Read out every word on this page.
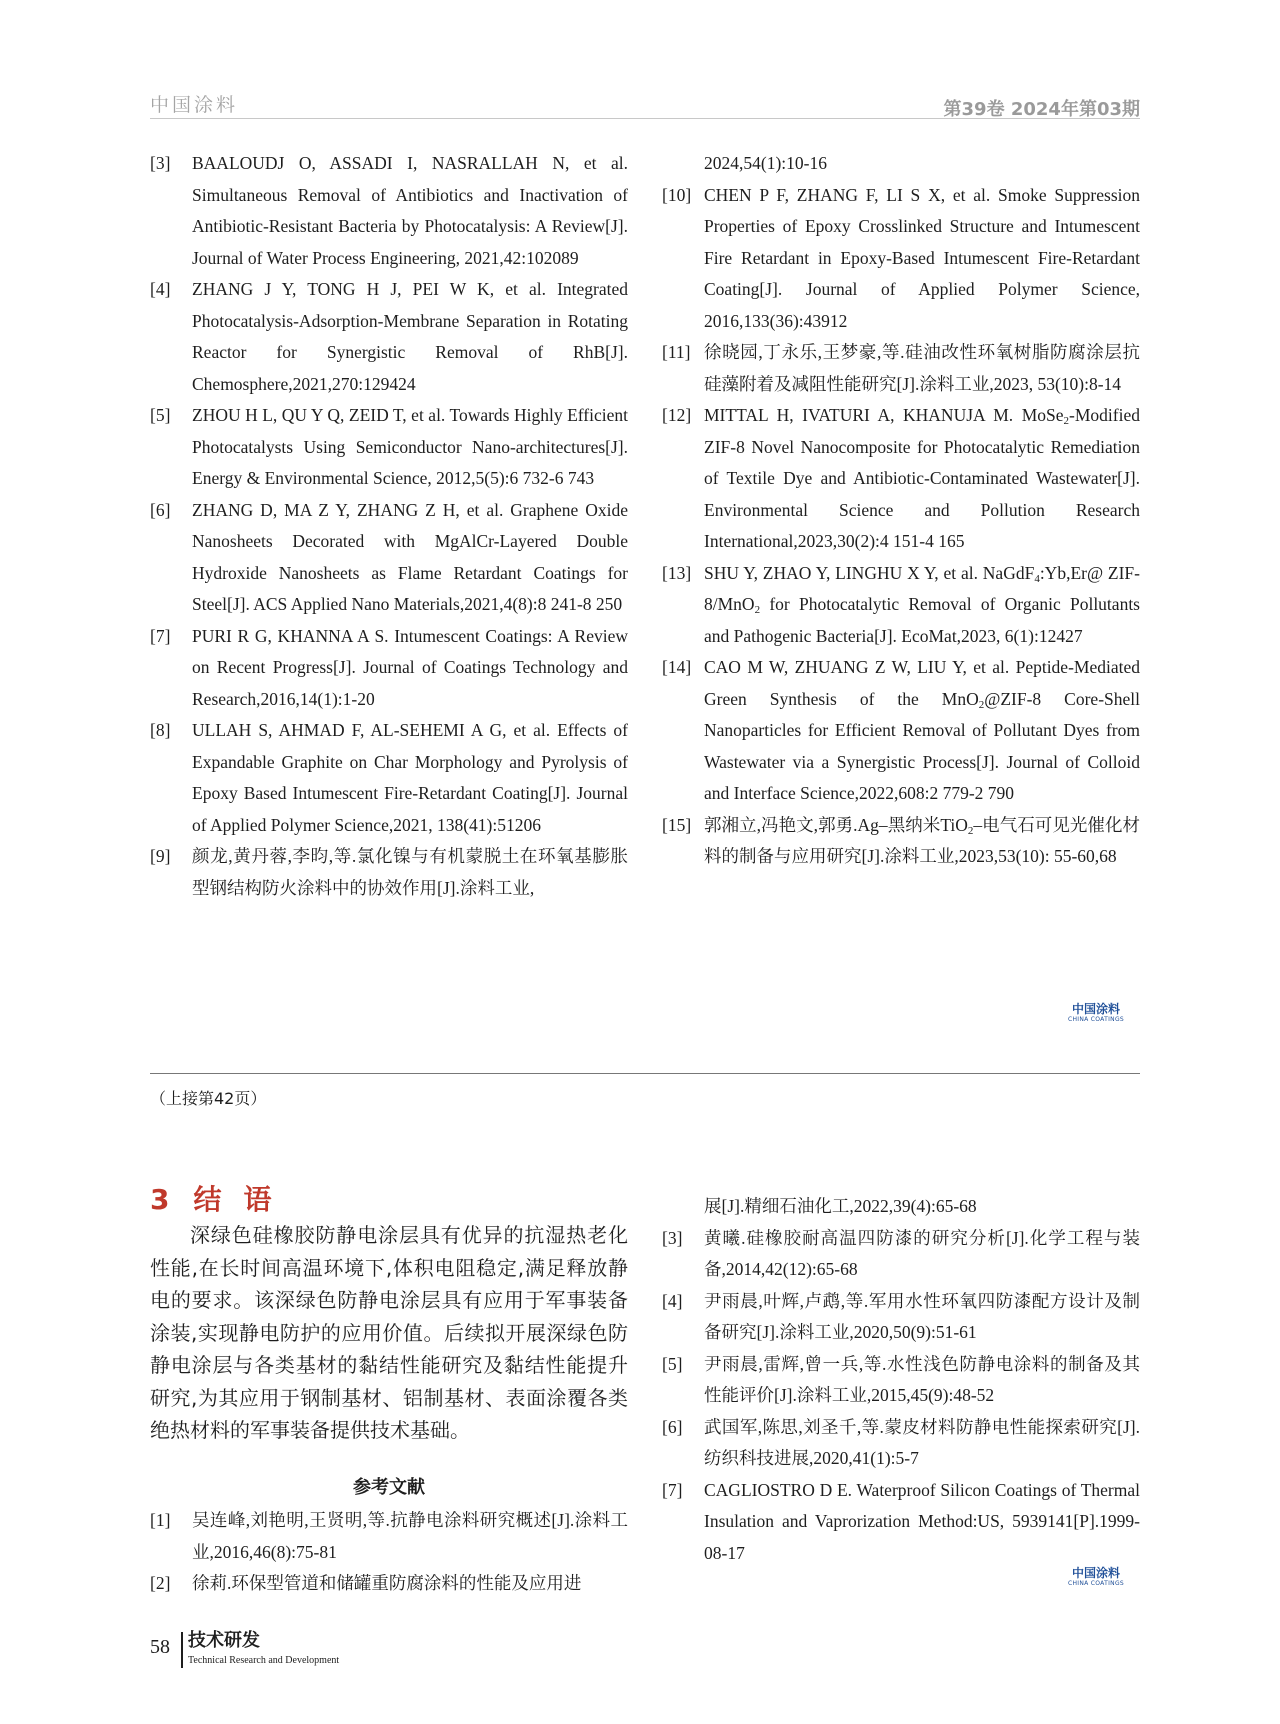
中国涂料	第39卷 2024年第03期
[3]	BAALOUDJ O, ASSADI I, NASRALLAH N, et al. Simultaneous Removal of Antibiotics and Inactivation of Antibiotic-Resistant Bacteria by Photocatalysis: A Review[J]. Journal of Water Process Engineering, 2021,42:102089
[4]	ZHANG J Y, TONG H J, PEI W K, et al. Integrated Photocatalysis-Adsorption-Membrane Separation in Rotating Reactor for Synergistic Removal of RhB[J]. Chemosphere,2021,270:129424
[5]	ZHOU H L, QU Y Q, ZEID T, et al. Towards Highly Efficient Photocatalysts Using Semiconductor Nano-architectures[J]. Energy & Environmental Science, 2012,5(5):6 732-6 743
[6]	ZHANG D, MA Z Y, ZHANG Z H, et al. Graphene Oxide Nanosheets Decorated with MgAlCr-Layered Double Hydroxide Nanosheets as Flame Retardant Coatings for Steel[J]. ACS Applied Nano Materials,2021,4(8):8 241-8 250
[7]	PURI R G, KHANNA A S. Intumescent Coatings: A Review on Recent Progress[J]. Journal of Coatings Technology and Research,2016,14(1):1-20
[8]	ULLAH S, AHMAD F, AL-SEHEMI A G, et al. Effects of Expandable Graphite on Char Morphology and Pyrolysis of Epoxy Based Intumescent Fire-Retardant Coating[J]. Journal of Applied Polymer Science,2021, 138(41):51206
[9]	颜龙,黄丹蓉,李昀,等.氯化镍与有机蒙脱土在环氧基膨胀型钢结构防火涂料中的协效作用[J].涂料工业,
2024,54(1):10-16
[10] CHEN P F, ZHANG F, LI S X, et al. Smoke Suppression Properties of Epoxy Crosslinked Structure and Intumescent Fire Retardant in Epoxy-Based Intumescent Fire-Retardant Coating[J]. Journal of Applied Polymer Science, 2016,133(36):43912
[11] 徐晓园,丁永乐,王梦豪,等.硅油改性环氧树脂防腐涂层抗硅藻附着及减阻性能研究[J].涂料工业,2023, 53(10):8-14
[12] MITTAL H, IVATURI A, KHANUJA M. MoSe$_2$-Modified ZIF-8 Novel Nanocomposite for Photocatalytic Remediation of Textile Dye and Antibiotic-Contaminated Wastewater[J]. Environmental Science and Pollution Research International,2023,30(2):4 151-4 165
[13] SHU Y, ZHAO Y, LINGHU X Y, et al. NaGdF$_4$:Yb,Er@ ZIF-8/MnO$_2$ for Photocatalytic Removal of Organic Pollutants and Pathogenic Bacteria[J]. EcoMat,2023, 6(1):12427
[14] CAO M W, ZHUANG Z W, LIU Y, et al. Peptide-Mediated Green Synthesis of the MnO$_2$@ZIF-8 Core-Shell Nanoparticles for Efficient Removal of Pollutant Dyes from Wastewater via a Synergistic Process[J]. Journal of Colloid and Interface Science,2022,608:2 779-2 790
[15] 郭湘立,冯艳文,郭勇.Ag–黑纳米TiO$_2$–电气石可见光催化材料的制备与应用研究[J].涂料工业,2023,53(10): 55-60,68
中国涂料
CHINA COATINGS
（上接第42页）
3 结语
深绿色硅橡胶防静电涂层具有优异的抗湿热老化性能,在长时间高温环境下,体积电阻稳定,满足释放静电的要求。该深绿色防静电涂层具有应用于军事装备涂装,实现静电防护的应用价值。后续拟开展深绿色防静电涂层与各类基材的黏结性能研究及黏结性能提升研究,为其应用于钢制基材、铝制基材、表面涂覆各类绝热材料的军事装备提供技术基础。
参考文献
[1]	吴连峰,刘艳明,王贤明,等.抗静电涂料研究概述[J].涂料工业,2016,46(8):75-81
[2]	徐莉.环保型管道和储罐重防腐涂料的性能及应用进
展[J].精细石油化工,2022,39(4):65-68
[3]	黄曦.硅橡胶耐高温四防漆的研究分析[J].化学工程与装备,2014,42(12):65-68
[4]	尹雨晨,叶辉,卢鹉,等.军用水性环氧四防漆配方设计及制备研究[J].涂料工业,2020,50(9):51-61
[5]	尹雨晨,雷辉,曾一兵,等.水性浅色防静电涂料的制备及其性能评价[J].涂料工业,2015,45(9):48-52
[6]	武国军,陈思,刘圣千,等.蒙皮材料防静电性能探索研究[J].纺织科技进展,2020,41(1):5-7
[7]	CAGLIOSTRO D E. Waterproof Silicon Coatings of Thermal Insulation and Vaprorization Method:US, 5939141[P].1999-08-17
中国涂料
CHINA COATINGS
58 技术研发
Technical Research and Development
